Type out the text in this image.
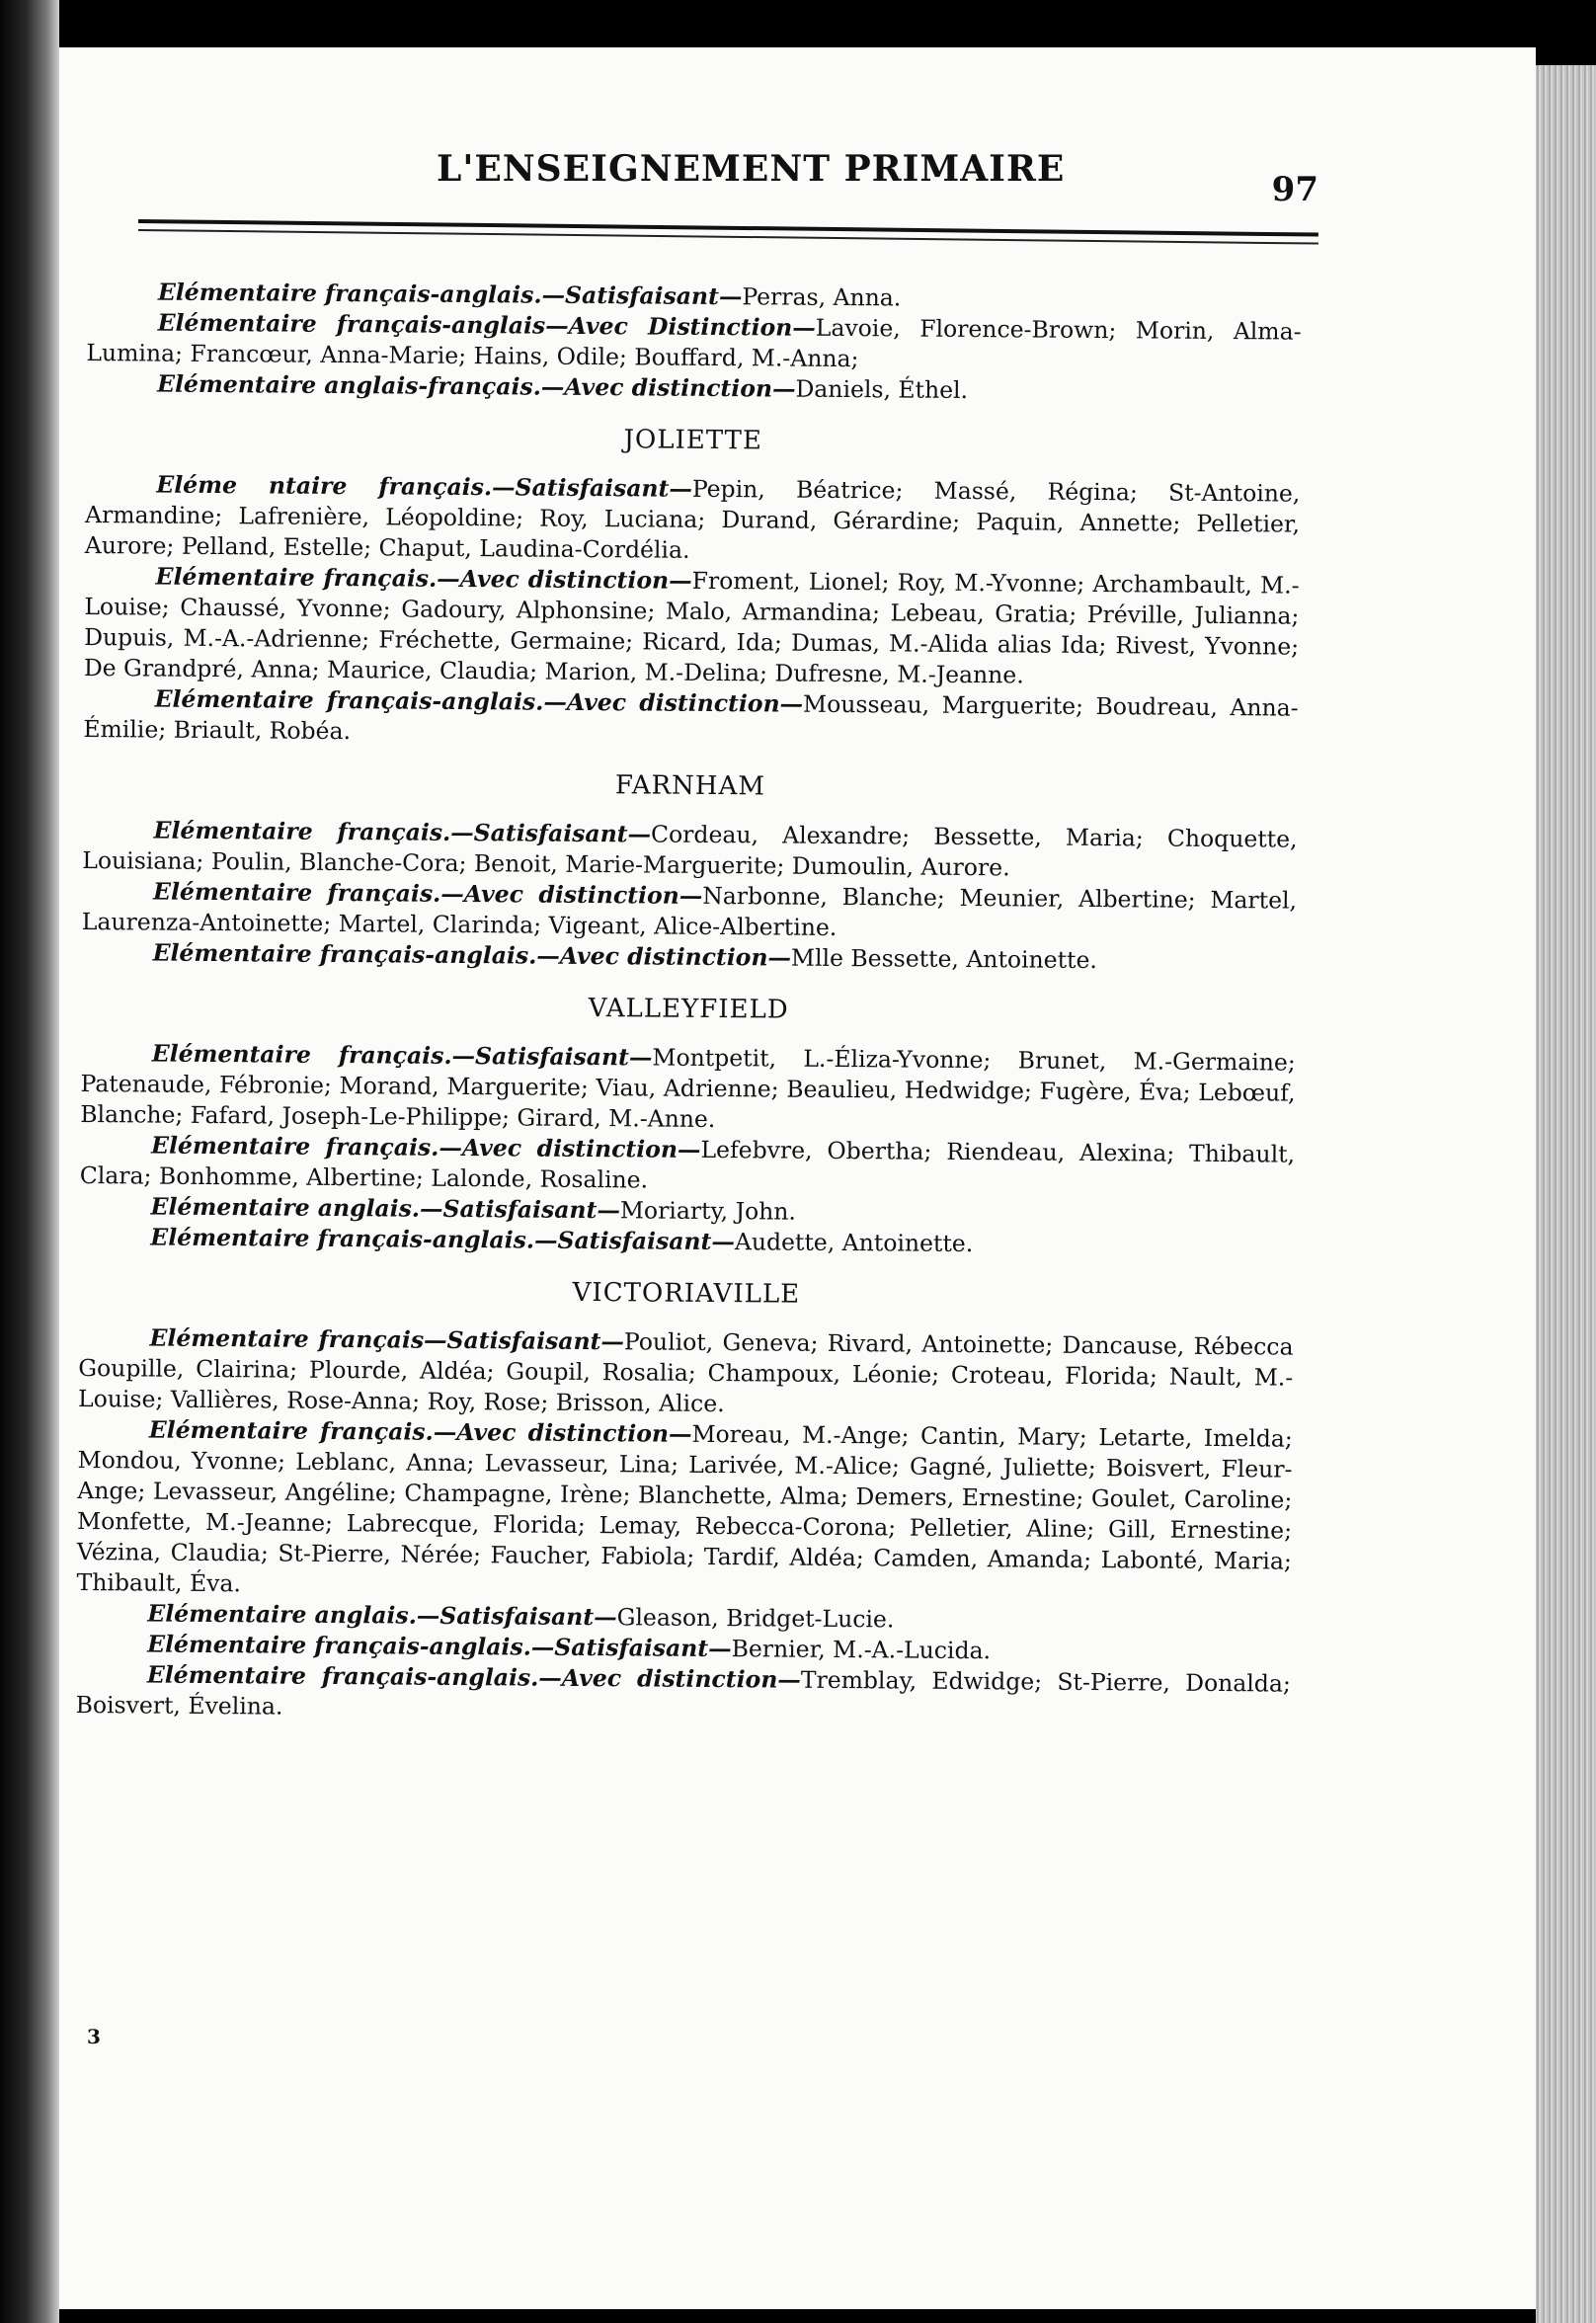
L'ENSEIGNEMENT PRIMAIRE	97

Elémentaire français-anglais.—Satisfaisant—Perras, Anna.

Elémentaire français-anglais—Avec Distinction—Lavoie, Florence-Brown; Morin, Alma-Lumina; Francœur, Anna-Marie; Hains, Odile; Bouffard, M.-Anna;

Elémentaire anglais-français.—Avec distinction—Daniels, Éthel.

JOLIETTE

Eléme ntaire français.—Satisfaisant—Pepin, Béatrice; Massé, Régina; St-Antoine, Armandine; Lafrenière, Léopoldine; Roy, Luciana; Durand, Gérardine; Paquin, Annette; Pelletier, Aurore; Pelland, Estelle; Chaput, Laudina-Cordélia.

Elémentaire français.—Avec distinction—Froment, Lionel; Roy, M.-Yvonne; Archambault, M.-Louise; Chaussé, Yvonne; Gadoury, Alphonsine; Malo, Armandina; Lebeau, Gratia; Préville, Julianna; Dupuis, M.-A.-Adrienne; Fréchette, Germaine; Ricard, Ida; Dumas, M.-Alida alias Ida; Rivest, Yvonne; De Grandpré, Anna; Maurice, Claudia; Marion, M.-Delina; Dufresne, M.-Jeanne.

Elémentaire français-anglais.—Avec distinction—Mousseau, Marguerite; Boudreau, Anna-Émilie; Briault, Robéa.

FARNHAM

Elémentaire français.—Satisfaisant—Cordeau, Alexandre; Bessette, Maria; Choquette, Louisiana; Poulin, Blanche-Cora; Benoit, Marie-Marguerite; Dumoulin, Aurore.

Elémentaire français.—Avec distinction—Narbonne, Blanche; Meunier, Albertine; Martel, Laurenza-Antoinette; Martel, Clarinda; Vigeant, Alice-Albertine.

Elémentaire français-anglais.—Avec distinction—Mlle Bessette, Antoinette.

VALLEYFIELD

Elémentaire français.—Satisfaisant—Montpetit, L.-Éliza-Yvonne; Brunet, M.-Germaine; Patenaude, Fébronie; Morand, Marguerite; Viau, Adrienne; Beaulieu, Hedwidge; Fugère, Éva; Lebœuf, Blanche; Fafard, Joseph-Le-Philippe; Girard, M.-Anne.

Elémentaire français.—Avec distinction—Lefebvre, Obertha; Riendeau, Alexina; Thibault, Clara; Bonhomme, Albertine; Lalonde, Rosaline.

Elémentaire anglais.—Satisfaisant—Moriarty, John.

Elémentaire français-anglais.—Satisfaisant—Audette, Antoinette.

VICTORIAVILLE

Elémentaire français—Satisfaisant—Pouliot, Geneva; Rivard, Antoinette; Dancause, Rébecca Goupille, Clairina; Plourde, Aldéa; Goupil, Rosalia; Champoux, Léonie; Croteau, Florida; Nault, M.-Louise; Vallières, Rose-Anna; Roy, Rose; Brisson, Alice.

Elémentaire français.—Avec distinction—Moreau, M.-Ange; Cantin, Mary; Letarte, Imelda; Mondou, Yvonne; Leblanc, Anna; Levasseur, Lina; Larivée, M.-Alice; Gagné, Juliette; Boisvert, Fleur-Ange; Levasseur, Angéline; Champagne, Irène; Blanchette, Alma; Demers, Ernestine; Goulet, Caroline; Monfette, M.-Jeanne; Labrecque, Florida; Lemay, Rebecca-Corona; Pelletier, Aline; Gill, Ernestine; Vézina, Claudia; St-Pierre, Nérée; Faucher, Fabiola; Tardif, Aldéa; Camden, Amanda; Labonté, Maria; Thibault, Éva.

Elémentaire anglais.—Satisfaisant—Gleason, Bridget-Lucie.

Elémentaire français-anglais.—Satisfaisant—Bernier, M.-A.-Lucida.

Elémentaire français-anglais.—Avec distinction—Tremblay, Edwidge; St-Pierre, Donalda; Boisvert, Évelina.

3
